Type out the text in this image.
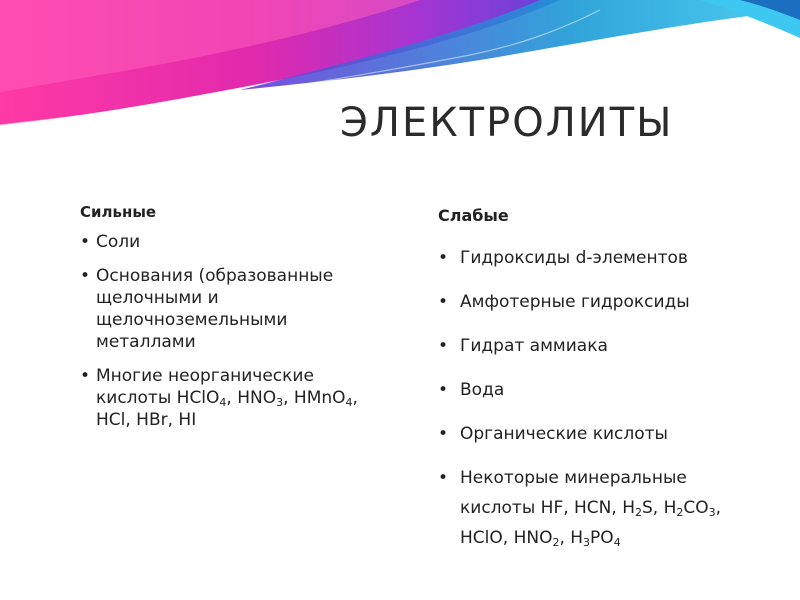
ЭЛЕКТРОЛИТЫ
Сильные
• Соли
• Основания (образованные щелочными и щелочноземельными металлами
• Многие неорганические кислоты HClO$_4$, $HNO_3$, HMnO$_4$, HCl, HBr, HI
Слабые
• Гидроксиды d-элементов
• Амфотерные гидроксиды
• Гидрат аммиака
• Вода
• Органические кислоты
• Некоторые минеральные кислоты HF, HCN, $H_2S$, $H_2CO_3$, HClO, $HNO_2$, $H_3PO_4$
